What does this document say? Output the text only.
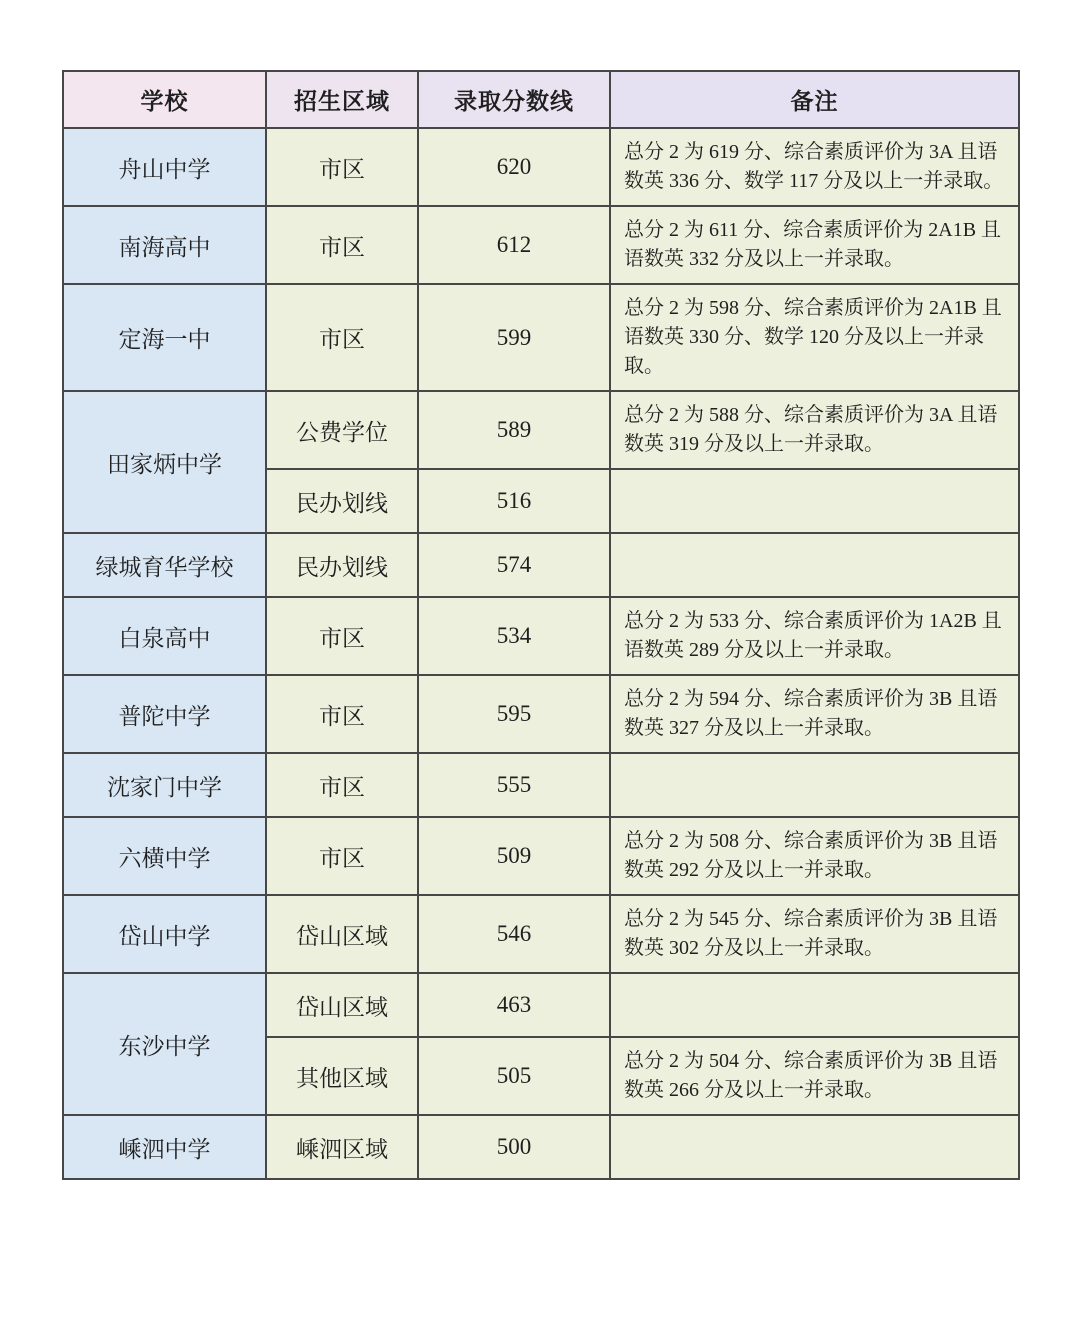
学校	招生区域	录取分数线	备注
舟山中学	市区	620	总分 2 为 619 分、综合素质评价为 3A 且语数英 336 分、数学 117 分及以上一并录取。
南海高中	市区	612	总分 2 为 611 分、综合素质评价为 2A1B 且语数英 332 分及以上一并录取。
定海一中	市区	599	总分 2 为 598 分、综合素质评价为 2A1B 且语数英 330 分、数学 120 分及以上一并录取。
田家炳中学	公费学位	589	总分 2 为 588 分、综合素质评价为 3A 且语数英 319 分及以上一并录取。
	民办划线	516	
绿城育华学校	民办划线	574	
白泉高中	市区	534	总分 2 为 533 分、综合素质评价为 1A2B 且语数英 289 分及以上一并录取。
普陀中学	市区	595	总分 2 为 594 分、综合素质评价为 3B 且语数英 327 分及以上一并录取。
沈家门中学	市区	555	
六横中学	市区	509	总分 2 为 508 分、综合素质评价为 3B 且语数英 292 分及以上一并录取。
岱山中学	岱山区域	546	总分 2 为 545 分、综合素质评价为 3B 且语数英 302 分及以上一并录取。
东沙中学	岱山区域	463	
	其他区域	505	总分 2 为 504 分、综合素质评价为 3B 且语数英 266 分及以上一并录取。
嵊泗中学	嵊泗区域	500	
